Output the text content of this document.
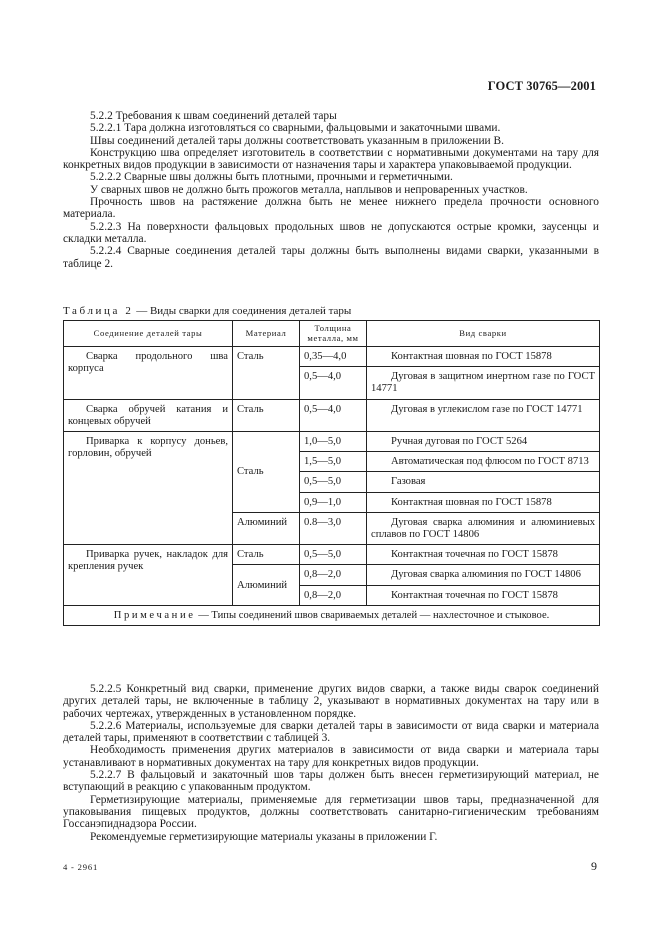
ГОСТ 30765—2001

5.2.2 Требования к швам соединений деталей тары

5.2.2.1 Тара должна изготовляться со сварными, фальцовыми и закаточными швами.

Швы соединений деталей тары должны соответствовать указанным в приложении В.

Конструкцию шва определяет изготовитель в соответствии с нормативными документами на тару для конкретных видов продукции в зависимости от назначения тары и характера упаковываемой продукции.

5.2.2.2 Сварные швы должны быть плотными, прочными и герметичными.

У сварных швов не должно быть прожогов металла, наплывов и непроваренных участков.

Прочность швов на растяжение должна быть не менее нижнего предела прочности основного материала.

5.2.2.3 На поверхности фальцовых продольных швов не допускаются острые кромки, заусенцы и складки металла.

5.2.2.4 Сварные соединения деталей тары должны быть выполнены видами сварки, указанными в таблице 2.

Таблица 2 — Виды сварки для соединения деталей тары
Соединение деталей тары	Материал	Толщина металла, мм	Вид сварки
Сварка продольного шва корпуса	Сталь	0,35—4,0	Контактная шовная по ГОСТ 15878
		0,5—4,0	Дуговая в защитном инертном газе по ГОСТ 14771
Сварка обручей катания и концевых обручей	Сталь	0,5—4,0	Дуговая в углекислом газе по ГОСТ 14771
Приварка к корпусу доньев, горловин, обручей	Сталь	1,0—5,0	Ручная дуговая по ГОСТ 5264
		1,5—5,0	Автоматическая под флюсом по ГОСТ 8713
		0,5—5,0	Газовая
		0,9—1,0	Контактная шовная по ГОСТ 15878
	Алюминий	0.8—3,0	Дуговая сварка алюминия и алюминиевых сплавов по ГОСТ 14806
Приварка ручек, накладок для крепления ручек	Сталь	0,5—5,0	Контактная точечная по ГОСТ 15878
	Алюминий	0,8—2,0	Дуговая сварка алюминия по ГОСТ 14806
		0,8—2,0	Контактная точечная по ГОСТ 15878
Примечание — Типы соединений швов свариваемых деталей — нахлесточное и стыковое.			

5.2.2.5 Конкретный вид сварки, применение других видов сварки, а также виды сварок соединений других деталей тары, не включенные в таблицу 2, указывают в нормативных документах на тару или в рабочих чертежах, утвержденных в установленном порядке.

5.2.2.6 Материалы, используемые для сварки деталей тары в зависимости от вида сварки и материала деталей тары, применяют в соответствии с таблицей 3.

Необходимость применения других материалов в зависимости от вида сварки и материала тары устанавливают в нормативных документах на тару для конкретных видов продукции.

5.2.2.7 В фальцовый и закаточный шов тары должен быть внесен герметизирующий материал, не вступающий в реакцию с упакованным продуктом.

Герметизирующие материалы, применяемые для герметизации швов тары, предназначенной для упаковывания пищевых продуктов, должны соответствовать санитарно-гигиеническим требованиям Госсанэпиднадзора России.

Рекомендуемые герметизирующие материалы указаны в приложении Г.

4 - 2961	9
